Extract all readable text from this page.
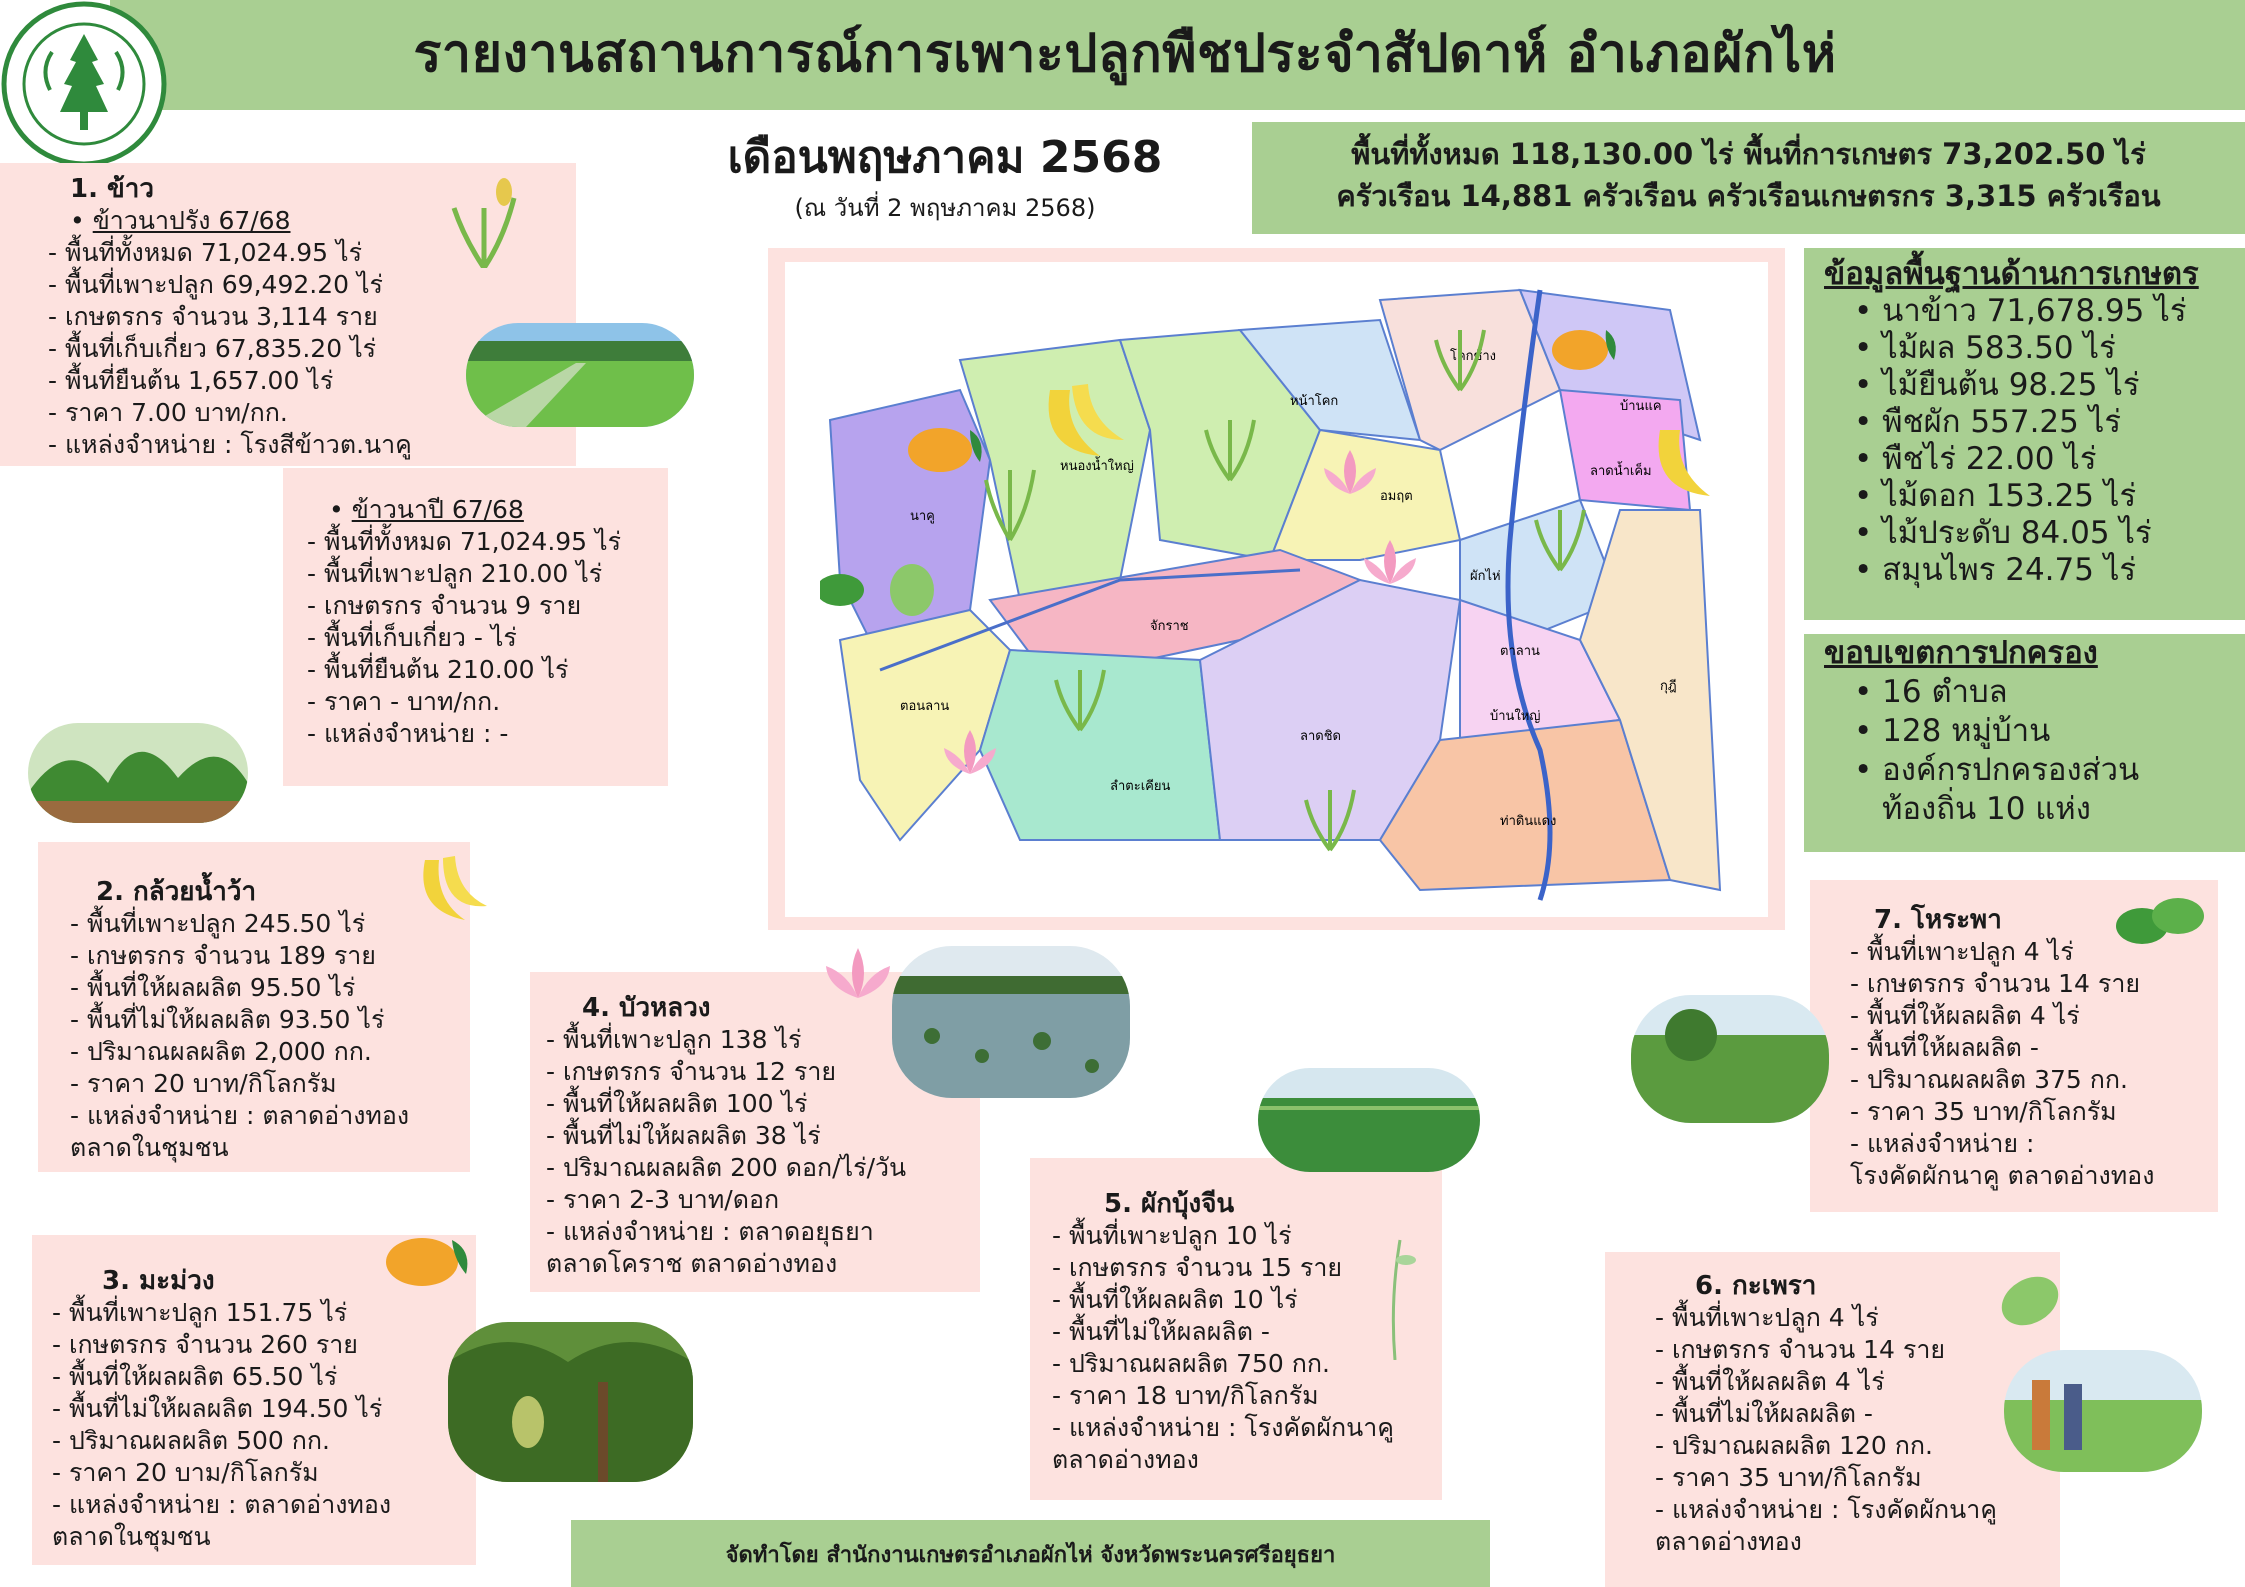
รายงานสถานการณ์การเพาะปลูกพืชประจำสัปดาห์ อำเภอผักไห่
เดือนพฤษภาคม 2568
(ณ วันที่ 2 พฤษภาคม 2568)
พื้นที่ทั้งหมด 118,130.00 ไร่ พื้นที่การเกษตร 73,202.50 ไร่
ครัวเรือน 14,881 ครัวเรือน ครัวเรือนเกษตรกร 3,315 ครัวเรือน
1. ข้าว
• ข้าวนาปรัง 67/68
- พื้นที่ทั้งหมด 71,024.95 ไร่
- พื้นที่เพาะปลูก 69,492.20 ไร่
- เกษตรกร จำนวน 3,114 ราย
- พื้นที่เก็บเกี่ยว 67,835.20 ไร่
- พื้นที่ยืนต้น 1,657.00 ไร่
- ราคา 7.00 บาท/กก.
- แหล่งจำหน่าย : โรงสีข้าวต.นาคู
• ข้าวนาปี 67/68
- พื้นที่ทั้งหมด 71,024.95 ไร่
- พื้นที่เพาะปลูก 210.00 ไร่
- เกษตรกร จำนวน 9 ราย
- พื้นที่เก็บเกี่ยว - ไร่
- พื้นที่ยืนต้น 210.00 ไร่
- ราคา - บาท/กก.
- แหล่งจำหน่าย : -
2. กล้วยน้ำว้า
- พื้นที่เพาะปลูก 245.50 ไร่
- เกษตรกร จำนวน 189 ราย
- พื้นที่ให้ผลผลิต 95.50 ไร่
- พื้นที่ไม่ให้ผลผลิต 93.50 ไร่
- ปริมาณผลผลิต 2,000 กก.
- ราคา 20 บาท/กิโลกรัม
- แหล่งจำหน่าย : ตลาดอ่างทอง
ตลาดในชุมชน
3. มะม่วง
- พื้นที่เพาะปลูก 151.75 ไร่
- เกษตรกร จำนวน 260 ราย
- พื้นที่ให้ผลผลิต 65.50 ไร่
- พื้นที่ไม่ให้ผลผลิต 194.50 ไร่
- ปริมาณผลผลิต 500 กก.
- ราคา 20 บาม/กิโลกรัม
- แหล่งจำหน่าย : ตลาดอ่างทอง
ตลาดในชุมชน
4. บัวหลวง
- พื้นที่เพาะปลูก 138 ไร่
- เกษตรกร จำนวน 12 ราย
- พื้นที่ให้ผลผลิต 100 ไร่
- พื้นที่ไม่ให้ผลผลิต 38 ไร่
- ปริมาณผลผลิต 200 ดอก/ไร่/วัน
- ราคา 2-3 บาท/ดอก
- แหล่งจำหน่าย : ตลาดอยุธยา
ตลาดโคราช ตลาดอ่างทอง
5. ผักบุ้งจีน
- พื้นที่เพาะปลูก 10 ไร่
- เกษตรกร จำนวน 15 ราย
- พื้นที่ให้ผลผลิต 10 ไร่
- พื้นที่ไม่ให้ผลผลิต -
- ปริมาณผลผลิต 750 กก.
- ราคา 18 บาท/กิโลกรัม
- แหล่งจำหน่าย : โรงคัดผักนาคู
ตลาดอ่างทอง
6. กะเพรา
- พื้นที่เพาะปลูก 4 ไร่
- เกษตรกร จำนวน 14 ราย
- พื้นที่ให้ผลผลิต 4 ไร่
- พื้นที่ไม่ให้ผลผลิต -
- ปริมาณผลผลิต 120 กก.
- ราคา 35 บาท/กิโลกรัม
- แหล่งจำหน่าย : โรงคัดผักนาคู
ตลาดอ่างทอง
7. โหระพา
- พื้นที่เพาะปลูก 4 ไร่
- เกษตรกร จำนวน 14 ราย
- พื้นที่ให้ผลผลิต 4 ไร่
- พื้นที่ให้ผลผลิต -
- ปริมาณผลผลิต 375 กก.
- ราคา 35 บาท/กิโลกรัม
- แหล่งจำหน่าย :
โรงคัดผักนาคู ตลาดอ่างทอง
ข้อมูลพื้นฐานด้านการเกษตร
• นาข้าว 71,678.95 ไร่
• ไม้ผล 583.50 ไร่
• ไม้ยืนต้น 98.25 ไร่
• พืชผัก 557.25 ไร่
• พืชไร่ 22.00 ไร่
• ไม้ดอก 153.25 ไร่
• ไม้ประดับ 84.05 ไร่
• สมุนไพร 24.75 ไร่
ขอบเขตการปกครอง
• 16 ตำบล
• 128 หมู่บ้าน
• องค์กรปกครองส่วน
ท้องถิ่น 10 แห่ง
จัดทำโดย สำนักงานเกษตรอำเภอผักไห่ จังหวัดพระนครศรีอยุธยา
หนองน้ำใหญ่
หน้าโคก
โคกช้าง
บ้านแค
ลาดน้ำเค็ม
อมฤต
นาคู
ผักไห่
จักราช
ตาลาน
กุฎี
ตอนลาน
บ้านใหญ่
ลาดชิด
ลำตะเคียน
ท่าดินแดง
